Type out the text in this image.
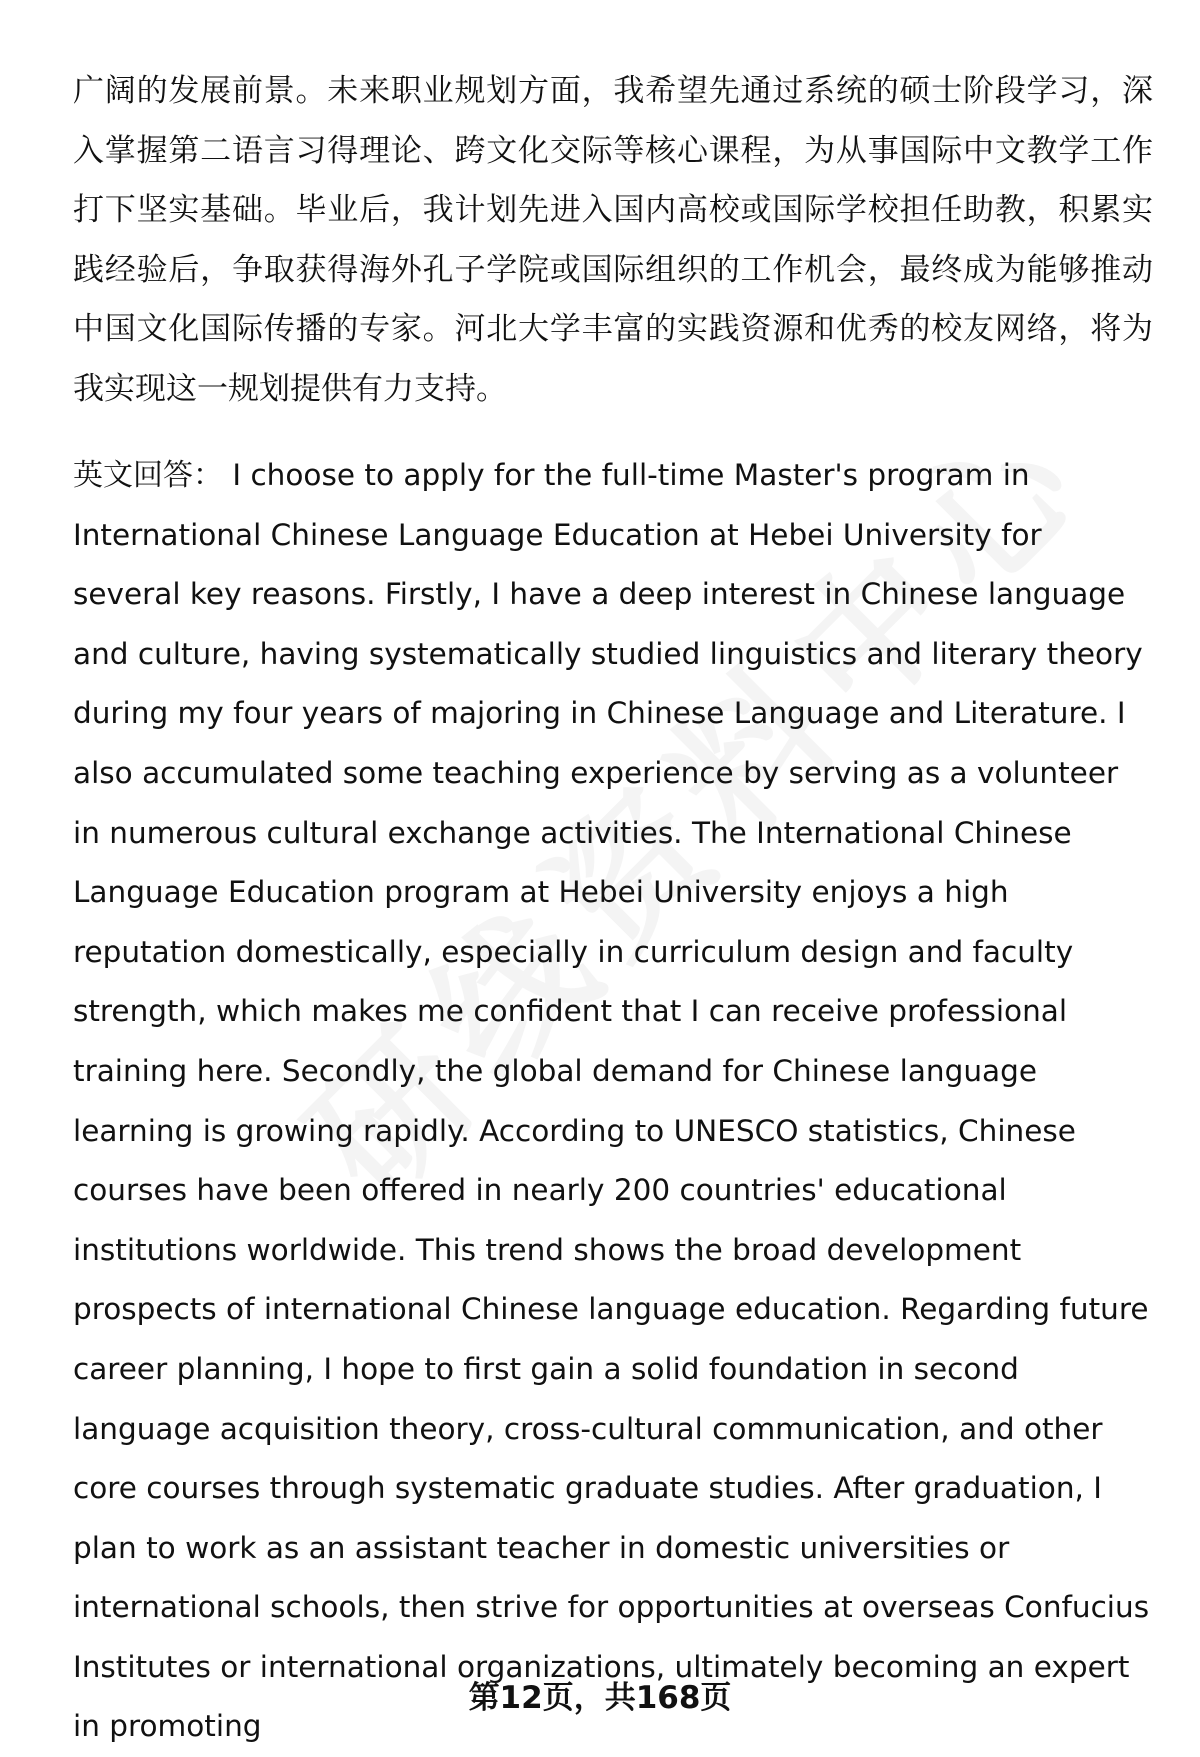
广阔的发展前景。未来职业规划方面，我希望先通过系统的硕士阶段学习，深入掌握第二语言习得理论、跨文化交际等核心课程，为从事国际中文教学工作打下坚实基础。毕业后，我计划先进入国内高校或国际学校担任助教，积累实践经验后，争取获得海外孔子学院或国际组织的工作机会，最终成为能够推动中国文化国际传播的专家。河北大学丰富的实践资源和优秀的校友网络，将为我实现这一规划提供有力支持。

英文回答： I choose to apply for the full-time Master's program in International Chinese Language Education at Hebei University for several key reasons. Firstly, I have a deep interest in Chinese language and culture, having systematically studied linguistics and literary theory during my four years of majoring in Chinese Language and Literature. I also accumulated some teaching experience by serving as a volunteer in numerous cultural exchange activities. The International Chinese Language Education program at Hebei University enjoys a high reputation domestically, especially in curriculum design and faculty strength, which makes me confident that I can receive professional training here. Secondly, the global demand for Chinese language learning is growing rapidly. According to UNESCO statistics, Chinese courses have been offered in nearly 200 countries' educational institutions worldwide. This trend shows the broad development prospects of international Chinese language education. Regarding future career planning, I hope to first gain a solid foundation in second language acquisition theory, cross-cultural communication, and other core courses through systematic graduate studies. After graduation, I plan to work as an assistant teacher in domestic universities or international schools, then strive for opportunities at overseas Confucius Institutes or international organizations, ultimately becoming an expert in promoting

第12页，共168页
